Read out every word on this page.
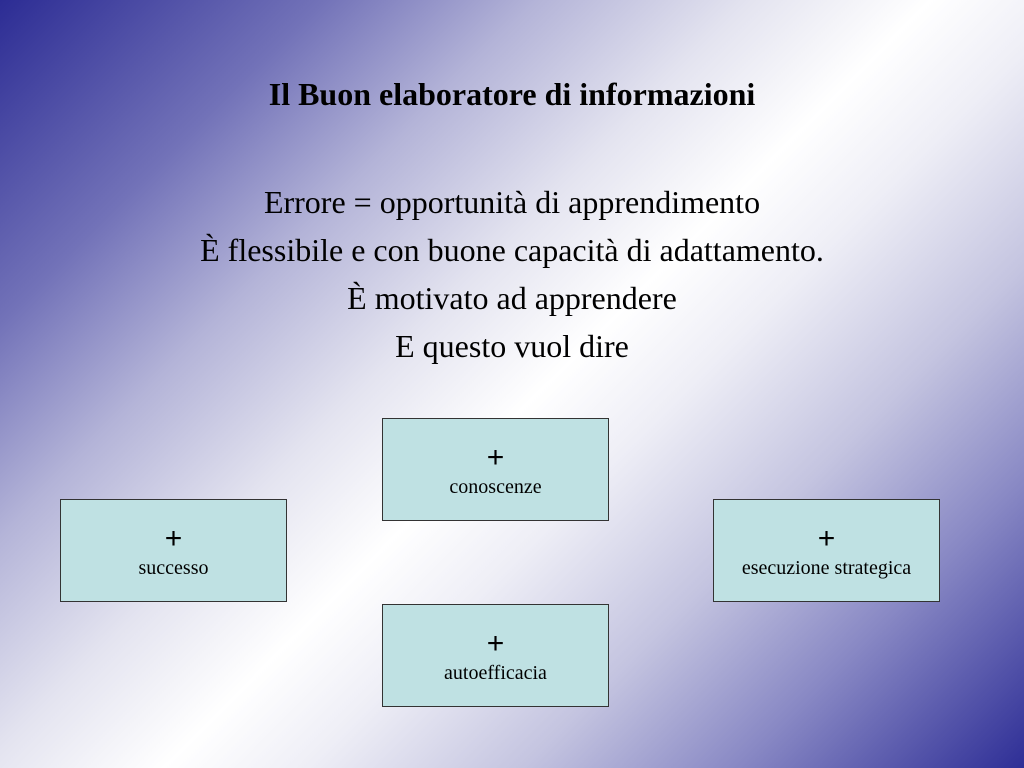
Il Buon elaboratore di informazioni
Errore = opportunità di apprendimento
È flessibile e con buone capacità di adattamento.
È motivato ad apprendere
E questo vuol dire
+
conoscenze
+
successo
+
esecuzione strategica
+
autoefficacia
